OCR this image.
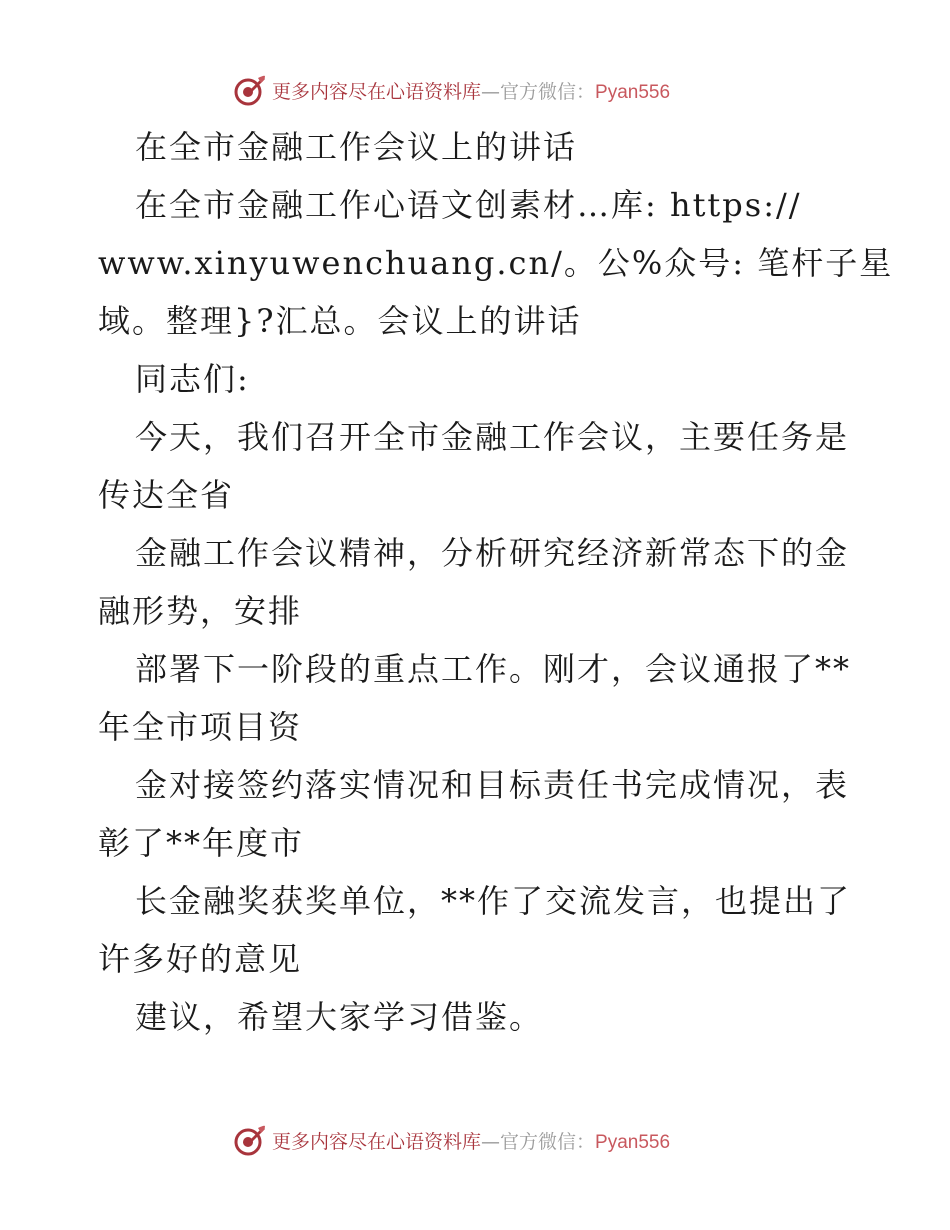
更多内容尽在心语资料库—官方微信：Pyan556
在全市金融工作会议上的讲话
在全市金融工作心语文创素材…库: https://
www.xinyuwenchuang.cn/。公%众号: 笔杆子星
域。整理}?汇总。会议上的讲话
同志们:
今天，我们召开全市金融工作会议，主要任务是
传达全省
金融工作会议精神，分析研究经济新常态下的金
融形势，安排
部署下一阶段的重点工作。刚才，会议通报了**
年全市项目资
金对接签约落实情况和目标责任书完成情况，表
彰了**年度市
长金融奖获奖单位，**作了交流发言，也提出了
许多好的意见
建议，希望大家学习借鉴。
更多内容尽在心语资料库—官方微信：Pyan556
